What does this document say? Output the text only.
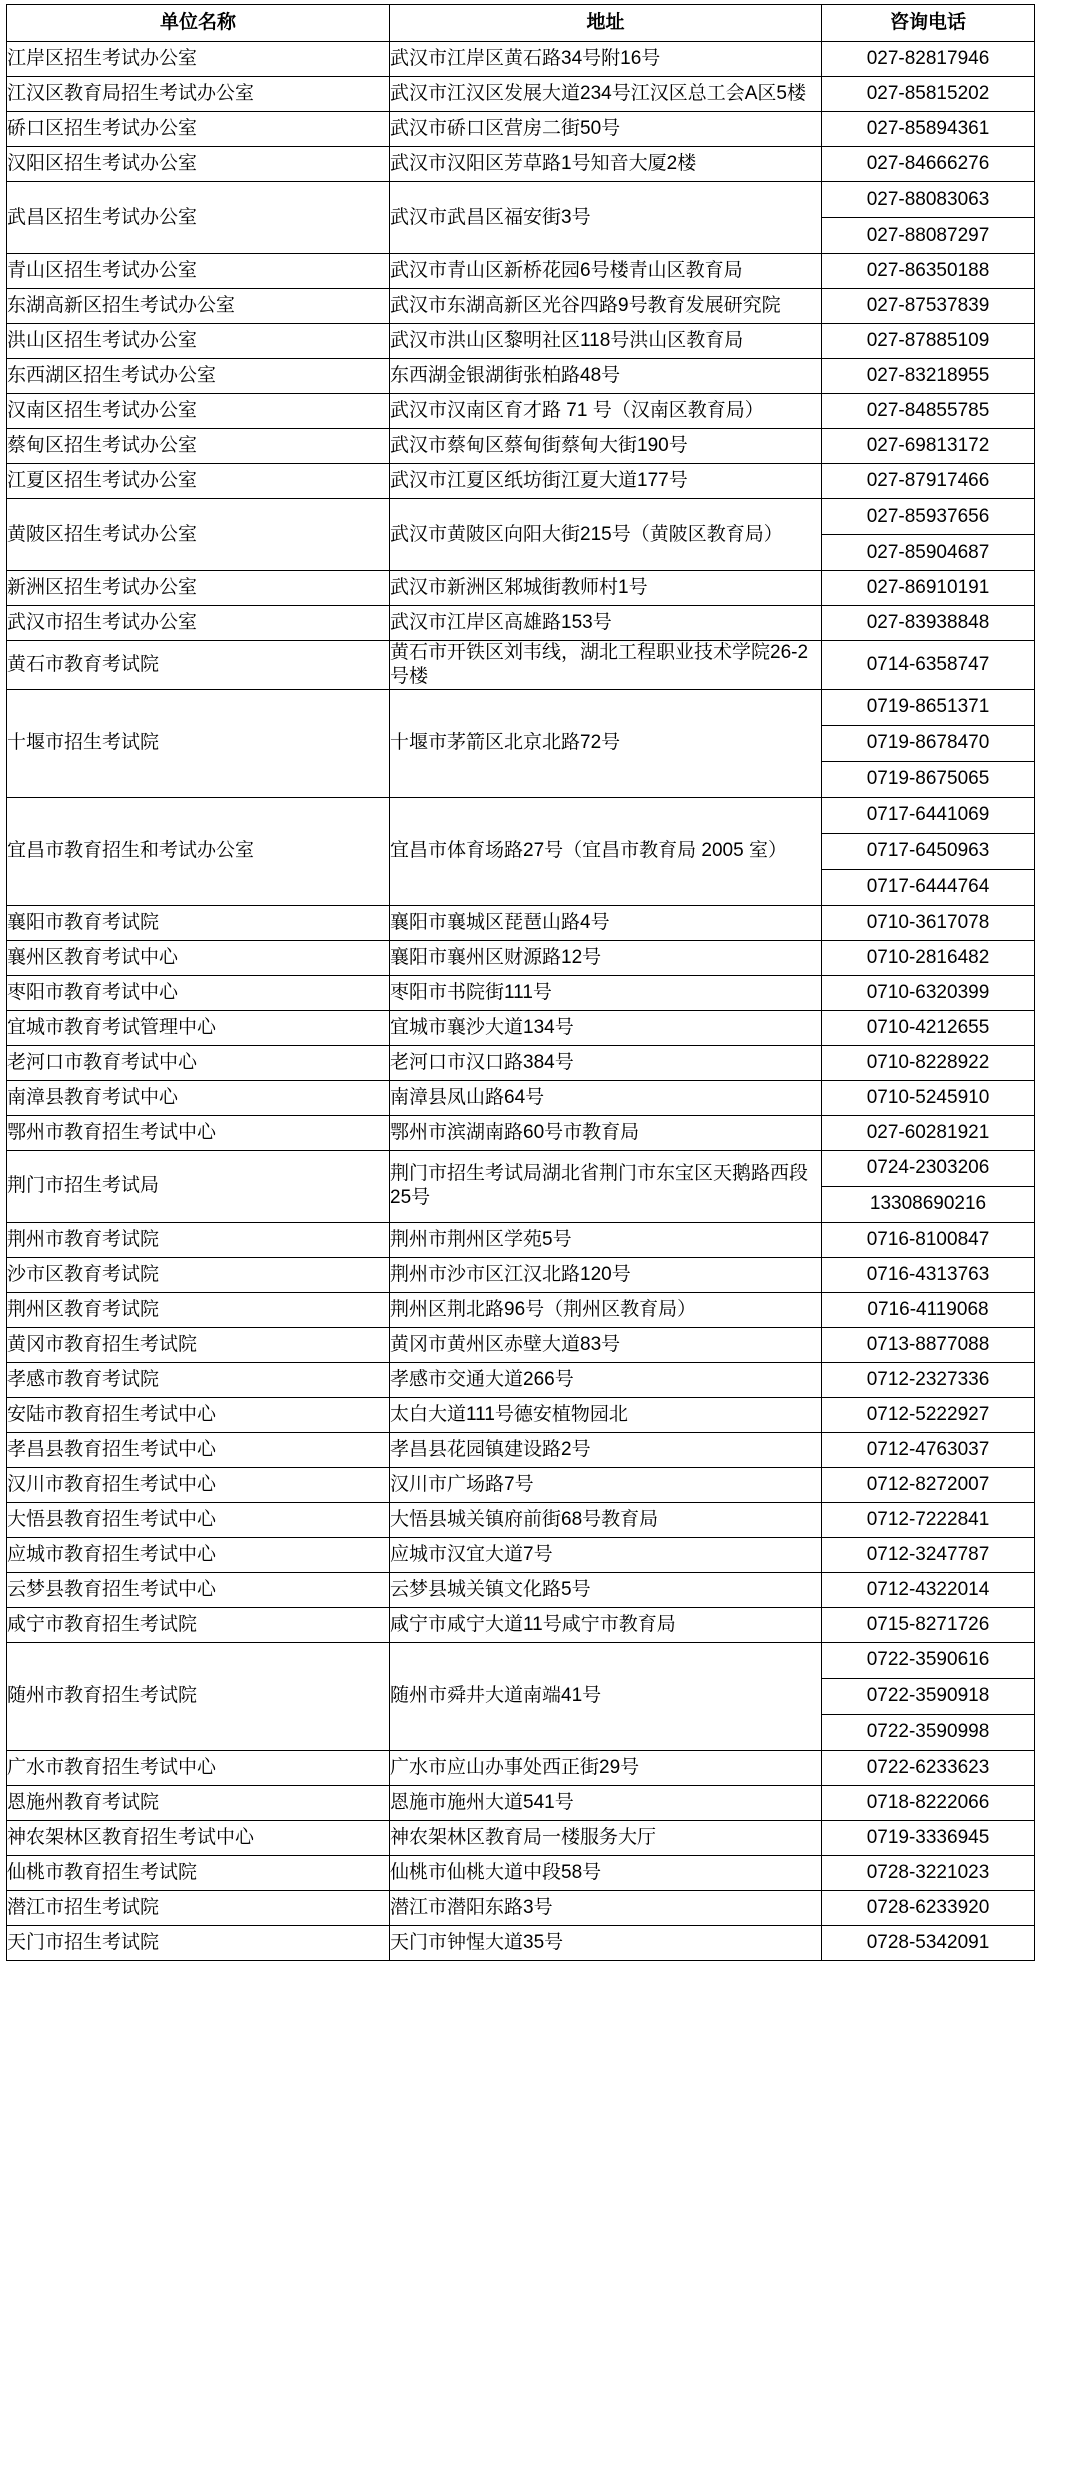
单位名称	地址	咨询电话
江岸区招生考试办公室	武汉市江岸区黄石路34号附16号	027-82817946
江汉区教育局招生考试办公室	武汉市江汉区发展大道234号江汉区总工会A区5楼	027-85815202
硚口区招生考试办公室	武汉市硚口区营房二街50号	027-85894361
汉阳区招生考试办公室	武汉市汉阳区芳草路1号知音大厦2楼	027-84666276
武昌区招生考试办公室	武汉市武昌区福安街3号	027-88083063
027-88087297

青山区招生考试办公室	武汉市青山区新桥花园6号楼青山区教育局	027-86350188
东湖高新区招生考试办公室	武汉市东湖高新区光谷四路9号教育发展研究院	027-87537839
洪山区招生考试办公室	武汉市洪山区黎明社区118号洪山区教育局	027-87885109
东西湖区招生考试办公室	东西湖金银湖街张柏路48号	027-83218955
汉南区招生考试办公室	武汉市汉南区育才路 71 号（汉南区教育局）	027-84855785
蔡甸区招生考试办公室	武汉市蔡甸区蔡甸街蔡甸大街190号	027-69813172
江夏区招生考试办公室	武汉市江夏区纸坊街江夏大道177号	027-87917466
黄陂区招生考试办公室	武汉市黄陂区向阳大街215号（黄陂区教育局）	027-85937656
027-85904687

新洲区招生考试办公室	武汉市新洲区邾城街教师村1号	027-86910191
武汉市招生考试办公室	武汉市江岸区高雄路153号	027-83938848
黄石市教育考试院	黄石市开铁区刘韦线，湖北工程职业技术学院26-2号楼	0714-6358747
十堰市招生考试院	十堰市茅箭区北京北路72号	0719-8651371
0719-8678470
0719-8675065

宜昌市教育招生和考试办公室	宜昌市体育场路27号（宜昌市教育局 2005 室）	0717-6441069
0717-6450963
0717-6444764

襄阳市教育考试院	襄阳市襄城区琵琶山路4号	0710-3617078
襄州区教育考试中心	襄阳市襄州区财源路12号	0710-2816482
枣阳市教育考试中心	枣阳市书院街111号	0710-6320399
宜城市教育考试管理中心	宜城市襄沙大道134号	0710-4212655
老河口市教育考试中心	老河口市汉口路384号	0710-8228922
南漳县教育考试中心	南漳县凤山路64号	0710-5245910
鄂州市教育招生考试中心	鄂州市滨湖南路60号市教育局	027-60281921
荆门市招生考试局	荆门市招生考试局湖北省荆门市东宝区天鹅路西段25号	0724-2303206
13308690216

荆州市教育考试院	荆州市荆州区学苑5号	0716-8100847
沙市区教育考试院	荆州市沙市区江汉北路120号	0716-4313763
荆州区教育考试院	荆州区荆北路96号（荆州区教育局）	0716-4119068
黄冈市教育招生考试院	黄冈市黄州区赤壁大道83号	0713-8877088
孝感市教育考试院	孝感市交通大道266号	0712-2327336
安陆市教育招生考试中心	太白大道111号德安植物园北	0712-5222927
孝昌县教育招生考试中心	孝昌县花园镇建设路2号	0712-4763037
汉川市教育招生考试中心	汉川市广场路7号	0712-8272007
大悟县教育招生考试中心	大悟县城关镇府前街68号教育局	0712-7222841
应城市教育招生考试中心	应城市汉宜大道7号	0712-3247787
云梦县教育招生考试中心	云梦县城关镇文化路5号	0712-4322014
咸宁市教育招生考试院	咸宁市咸宁大道11号咸宁市教育局	0715-8271726
随州市教育招生考试院	随州市舜井大道南端41号	0722-3590616
0722-3590918
0722-3590998

广水市教育招生考试中心	广水市应山办事处西正街29号	0722-6233623
恩施州教育考试院	恩施市施州大道541号	0718-8222066
神农架林区教育招生考试中心	神农架林区教育局一楼服务大厅	0719-3336945
仙桃市教育招生考试院	仙桃市仙桃大道中段58号	0728-3221023
潜江市招生考试院	潜江市潜阳东路3号	0728-6233920
天门市招生考试院	天门市钟惺大道35号	0728-5342091
